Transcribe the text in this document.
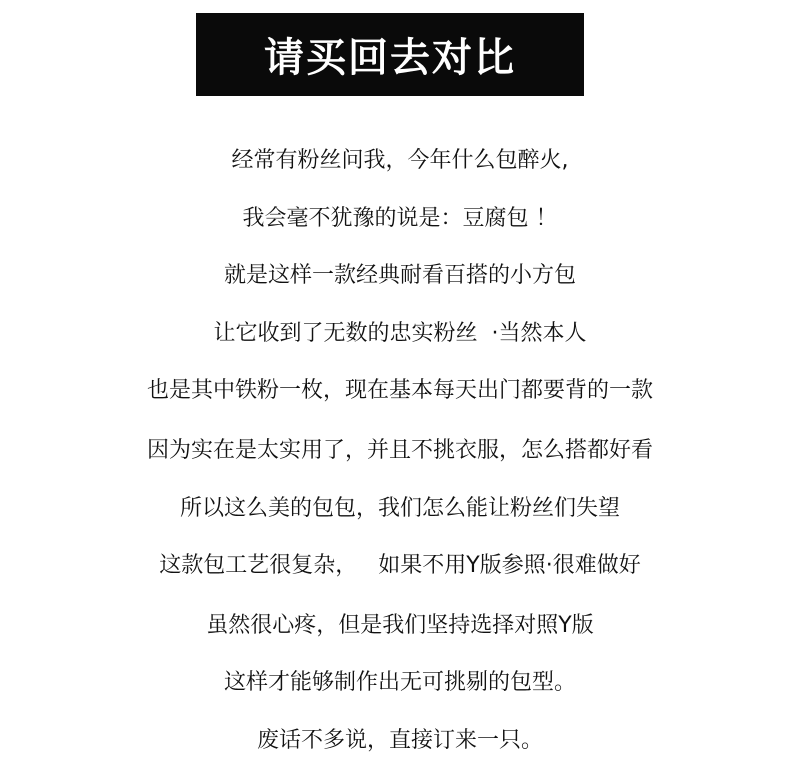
请买回去对比
经常有粉丝问我，今年什么包醉火,
我会毫不犹豫的说是：豆腐包 ！
就是这样一款经典耐看百搭的小方包
让它收到了无数的忠实粉丝  ·当然本人
也是其中铁粉一枚，现在基本每天出门都要背的一款
因为实在是太实用了，并且不挑衣服，怎么搭都好看
所以这么美的包包，我们怎么能让粉丝们失望
这款包工艺很复杂，   如果不用Y版参照·很难做好
虽然很心疼，但是我们坚持选择对照Y版
这样才能够制作出无可挑剔的包型。
废话不多说，直接订来一只。
